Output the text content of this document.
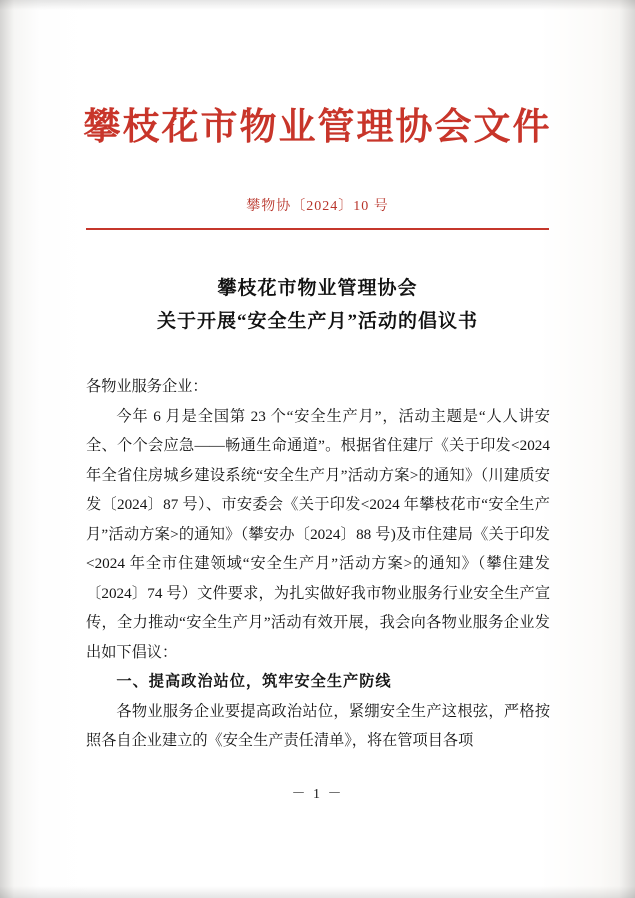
攀枝花市物业管理协会文件
攀物协〔2024〕10 号
攀枝花市物业管理协会
关于开展“安全生产月”活动的倡议书

各物业服务企业：

今年 6 月是全国第 23 个“安全生产月”，活动主题是“人人讲安全、个个会应急——畅通生命通道”。根据省住建厅《关于印发<2024 年全省住房城乡建设系统“安全生产月”活动方案>的通知》（川建质安发〔2024〕87 号）、市安委会《关于印发<2024 年攀枝花市“安全生产月”活动方案>的通知》（攀安办〔2024〕88 号)及市住建局《关于印发<2024 年全市住建领域“安全生产月”活动方案>的通知》（攀住建发〔2024〕74 号）文件要求，为扎实做好我市物业服务行业安全生产宣传，全力推动“安全生产月”活动有效开展，我会向各物业服务企业发出如下倡议：

一、提高政治站位，筑牢安全生产防线

各物业服务企业要提高政治站位，紧绷安全生产这根弦，严格按照各自企业建立的《安全生产责任清单》，将在管项目各项

－ 1 －
